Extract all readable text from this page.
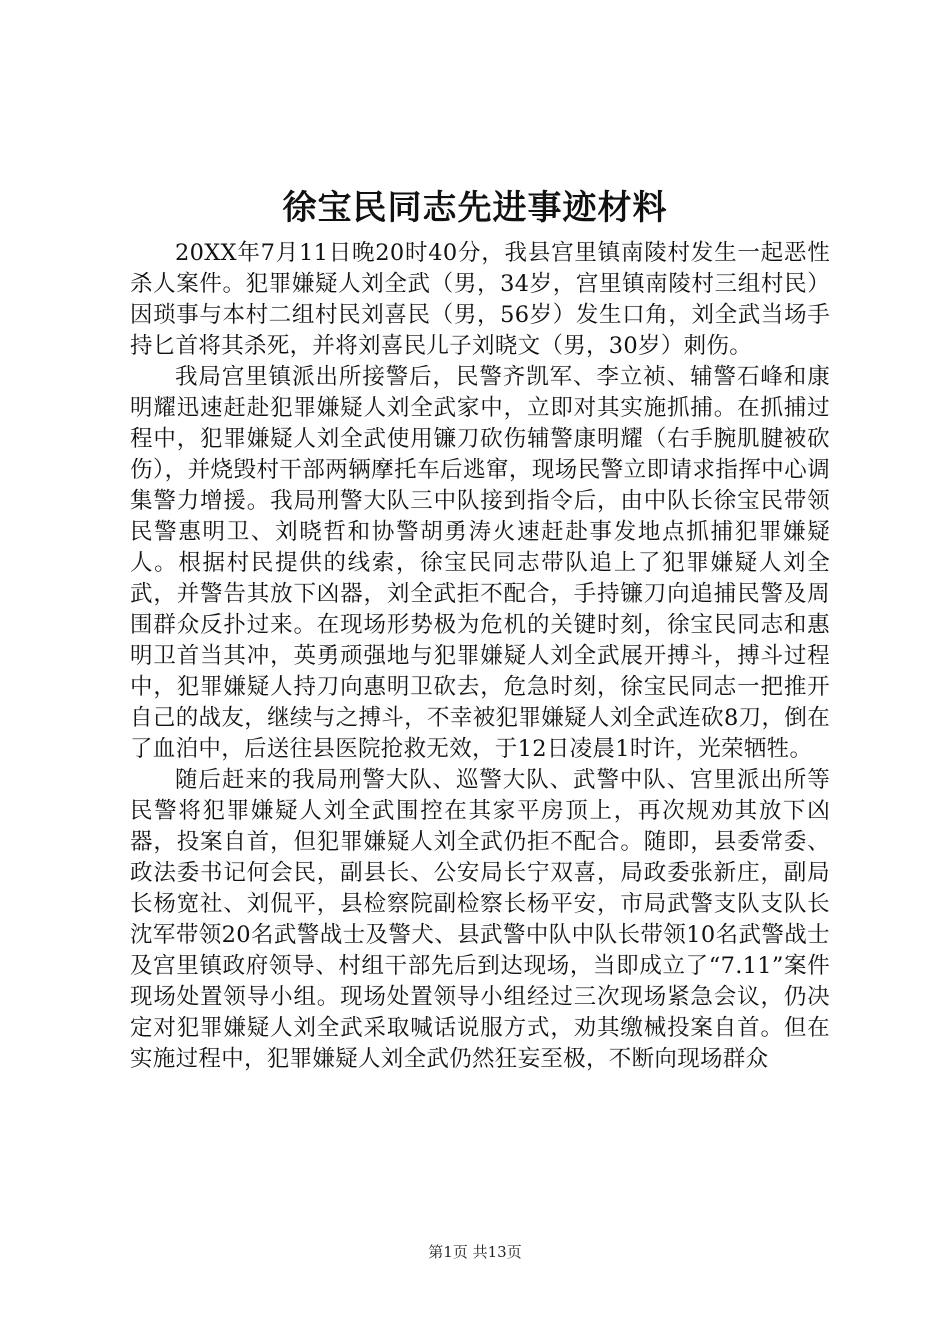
徐宝民同志先进事迹材料

20XX年7月11日晚20时40分，我县宫里镇南陵村发生一起恶性杀人案件。犯罪嫌疑人刘全武（男，34岁，宫里镇南陵村三组村民）因琐事与本村二组村民刘喜民（男，56岁）发生口角，刘全武当场手持匕首将其杀死，并将刘喜民儿子刘晓文（男，30岁）刺伤。

我局宫里镇派出所接警后，民警齐凯军、李立祯、辅警石峰和康明耀迅速赶赴犯罪嫌疑人刘全武家中，立即对其实施抓捕。在抓捕过程中，犯罪嫌疑人刘全武使用镰刀砍伤辅警康明耀（右手腕肌腱被砍伤），并烧毁村干部两辆摩托车后逃窜，现场民警立即请求指挥中心调集警力增援。我局刑警大队三中队接到指令后，由中队长徐宝民带领民警惠明卫、刘晓哲和协警胡勇涛火速赶赴事发地点抓捕犯罪嫌疑人。根据村民提供的线索，徐宝民同志带队追上了犯罪嫌疑人刘全武，并警告其放下凶器，刘全武拒不配合，手持镰刀向追捕民警及周围群众反扑过来。在现场形势极为危机的关键时刻，徐宝民同志和惠明卫首当其冲，英勇顽强地与犯罪嫌疑人刘全武展开搏斗，搏斗过程中，犯罪嫌疑人持刀向惠明卫砍去，危急时刻，徐宝民同志一把推开自己的战友，继续与之搏斗，不幸被犯罪嫌疑人刘全武连砍8刀，倒在了血泊中，后送往县医院抢救无效，于12日凌晨1时许，光荣牺牲。

随后赶来的我局刑警大队、巡警大队、武警中队、宫里派出所等民警将犯罪嫌疑人刘全武围控在其家平房顶上，再次规劝其放下凶器，投案自首，但犯罪嫌疑人刘全武仍拒不配合。随即，县委常委、政法委书记何会民，副县长、公安局长宁双喜，局政委张新庄，副局长杨宽社、刘侃平，县检察院副检察长杨平安，市局武警支队支队长沈军带领20名武警战士及警犬、县武警中队中队长带领10名武警战士及宫里镇政府领导、村组干部先后到达现场，当即成立了“7.11”案件现场处置领导小组。现场处置领导小组经过三次现场紧急会议，仍决定对犯罪嫌疑人刘全武采取喊话说服方式，劝其缴械投案自首。但在实施过程中，犯罪嫌疑人刘全武仍然狂妄至极，不断向现场群众

第1页 共13页
